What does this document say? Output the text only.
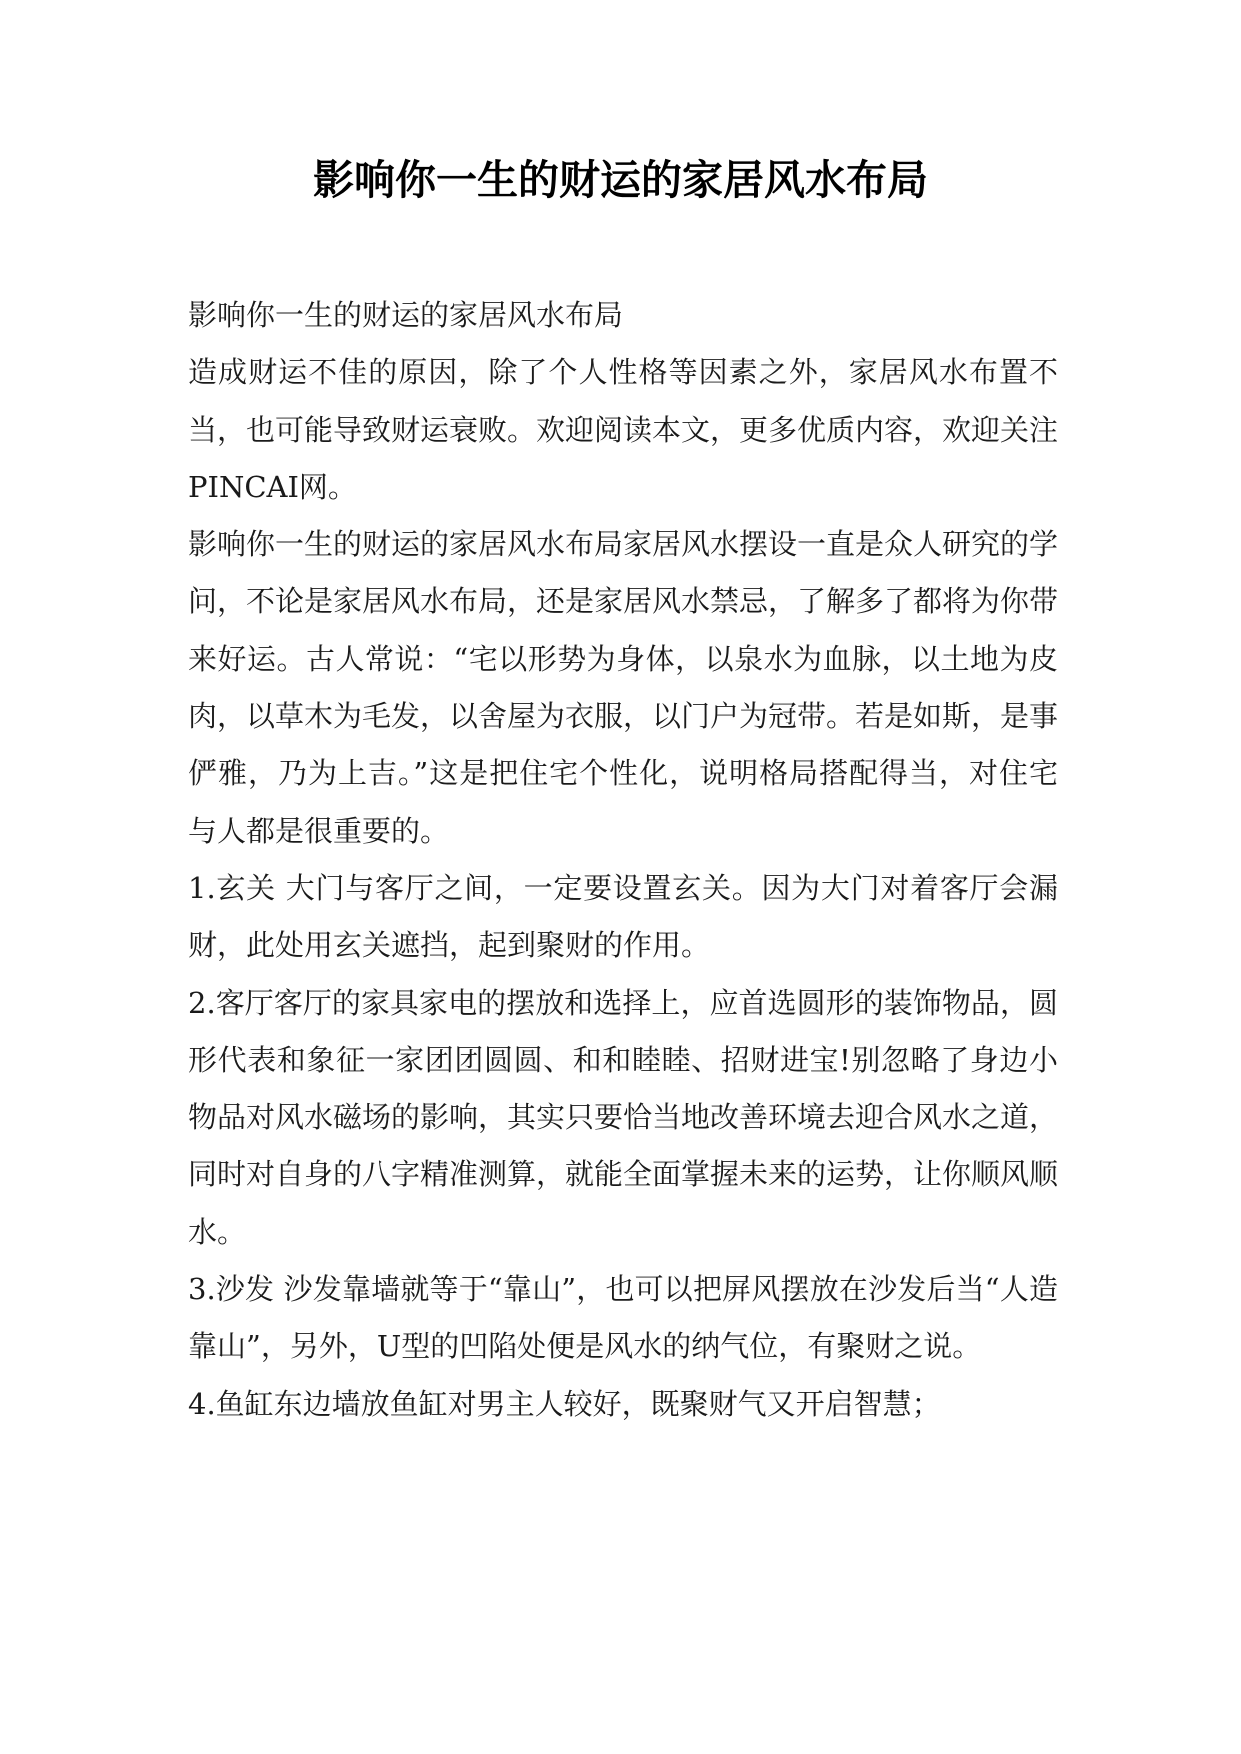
影响你一生的财运的家居风水布局

影响你一生的财运的家居风水布局

造成财运不佳的原因，除了个人性格等因素之外，家居风水布置不当，也可能导致财运衰败。欢迎阅读本文，更多优质内容，欢迎关注PINCAI网。

影响你一生的财运的家居风水布局家居风水摆设一直是众人研究的学问，不论是家居风水布局，还是家居风水禁忌，了解多了都将为你带来好运。古人常说：“宅以形势为身体，以泉水为血脉，以土地为皮肉，以草木为毛发，以舍屋为衣服，以门户为冠带。若是如斯，是事俨雅，乃为上吉。”这是把住宅个性化，说明格局搭配得当，对住宅与人都是很重要的。

1.玄关 大门与客厅之间，一定要设置玄关。因为大门对着客厅会漏财，此处用玄关遮挡，起到聚财的作用。

2.客厅客厅的家具家电的摆放和选择上，应首选圆形的装饰物品，圆形代表和象征一家团团圆圆、和和睦睦、招财进宝!别忽略了身边小物品对风水磁场的影响，其实只要恰当地改善环境去迎合风水之道，同时对自身的八字精准测算，就能全面掌握未来的运势，让你顺风顺水。

3.沙发 沙发靠墙就等于“靠山”，也可以把屏风摆放在沙发后当“人造靠山”，另外，U型的凹陷处便是风水的纳气位，有聚财之说。

4.鱼缸东边墙放鱼缸对男主人较好，既聚财气又开启智慧；
